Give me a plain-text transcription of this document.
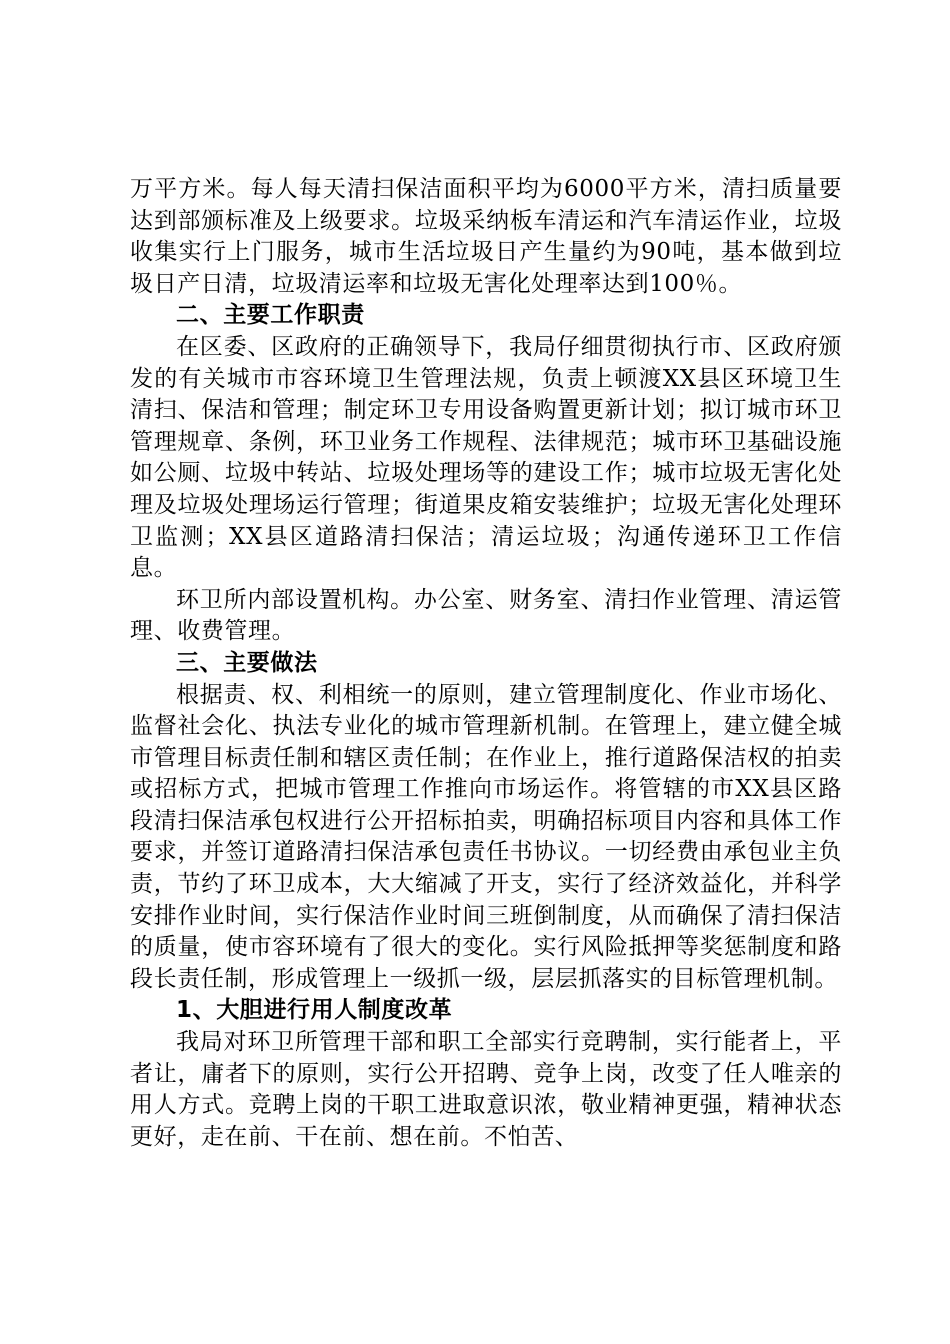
万平方米。每人每天清扫保洁面积平均为6000平方米，清扫质量要达到部颁标准及上级要求。垃圾采纳板车清运和汽车清运作业，垃圾收集实行上门服务，城市生活垃圾日产生量约为90吨，基本做到垃圾日产日清，垃圾清运率和垃圾无害化处理率达到100％。

二、主要工作职责

在区委、区政府的正确领导下，我局仔细贯彻执行市、区政府颁发的有关城市市容环境卫生管理法规，负责上顿渡XX县区环境卫生清扫、保洁和管理；制定环卫专用设备购置更新计划；拟订城市环卫管理规章、条例，环卫业务工作规程、法律规范；城市环卫基础设施如公厕、垃圾中转站、垃圾处理场等的建设工作；城市垃圾无害化处理及垃圾处理场运行管理；街道果皮箱安装维护；垃圾无害化处理环卫监测；XX县区道路清扫保洁；清运垃圾；沟通传递环卫工作信息。

环卫所内部设置机构。办公室、财务室、清扫作业管理、清运管理、收费管理。

三、主要做法

根据责、权、利相统一的原则，建立管理制度化、作业市场化、监督社会化、执法专业化的城市管理新机制。在管理上，建立健全城市管理目标责任制和辖区责任制；在作业上，推行道路保洁权的拍卖或招标方式，把城市管理工作推向市场运作。将管辖的市XX县区路段清扫保洁承包权进行公开招标拍卖，明确招标项目内容和具体工作要求，并签订道路清扫保洁承包责任书协议。一切经费由承包业主负责，节约了环卫成本，大大缩减了开支，实行了经济效益化，并科学安排作业时间，实行保洁作业时间三班倒制度，从而确保了清扫保洁的质量，使市容环境有了很大的变化。实行风险抵押等奖惩制度和路段长责任制，形成管理上一级抓一级，层层抓落实的目标管理机制。

1、大胆进行用人制度改革

我局对环卫所管理干部和职工全部实行竞聘制，实行能者上，平者让，庸者下的原则，实行公开招聘、竞争上岗，改变了任人唯亲的用人方式。竞聘上岗的干职工进取意识浓，敬业精神更强，精神状态更好，走在前、干在前、想在前。不怕苦、
